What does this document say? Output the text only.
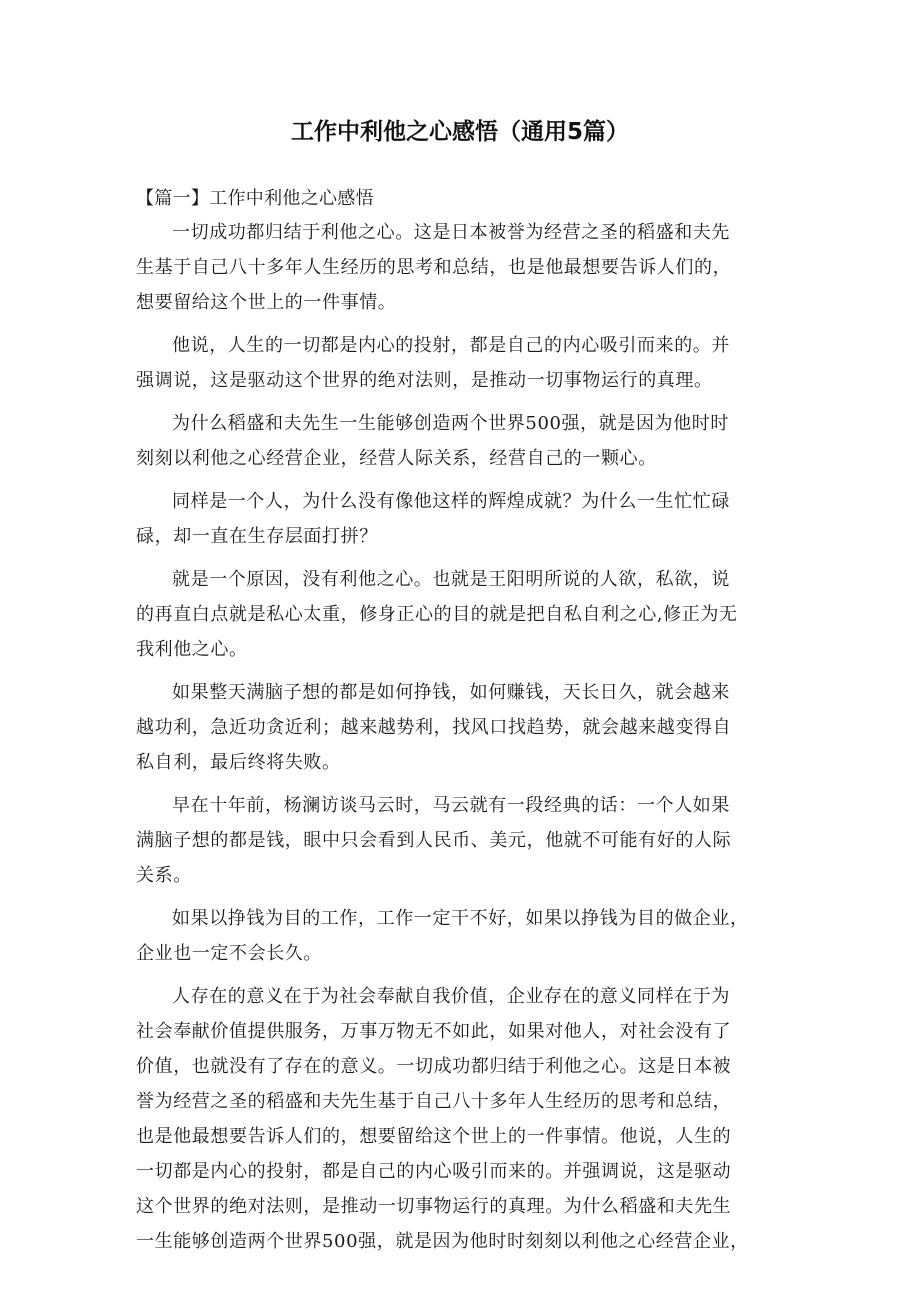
工作中利他之心感悟（通用5篇）
【篇一】工作中利他之心感悟

一切成功都归结于利他之心。这是日本被誉为经营之圣的稻盛和夫先
生基于自己八十多年人生经历的思考和总结，也是他最想要告诉人们的，
想要留给这个世上的一件事情。

他说，人生的一切都是内心的投射，都是自己的内心吸引而来的。并
强调说，这是驱动这个世界的绝对法则，是推动一切事物运行的真理。

为什么稻盛和夫先生一生能够创造两个世界500强，就是因为他时时
刻刻以利他之心经营企业，经营人际关系，经营自己的一颗心。

同样是一个人，为什么没有像他这样的辉煌成就？为什么一生忙忙碌
碌，却一直在生存层面打拼？

就是一个原因，没有利他之心。也就是王阳明所说的人欲，私欲，说
的再直白点就是私心太重，修身正心的目的就是把自私自利之心,修正为无
我利他之心。

如果整天满脑子想的都是如何挣钱，如何赚钱，天长日久，就会越来
越功利，急近功贪近利；越来越势利，找风口找趋势，就会越来越变得自
私自利，最后终将失败。

早在十年前，杨澜访谈马云时，马云就有一段经典的话：一个人如果
满脑子想的都是钱，眼中只会看到人民币、美元，他就不可能有好的人际
关系。

如果以挣钱为目的工作，工作一定干不好，如果以挣钱为目的做企业，
企业也一定不会长久。

人存在的意义在于为社会奉献自我价值，企业存在的意义同样在于为
社会奉献价值提供服务，万事万物无不如此，如果对他人，对社会没有了
价值，也就没有了存在的意义。一切成功都归结于利他之心。这是日本被
誉为经营之圣的稻盛和夫先生基于自己八十多年人生经历的思考和总结，
也是他最想要告诉人们的，想要留给这个世上的一件事情。他说，人生的
一切都是内心的投射，都是自己的内心吸引而来的。并强调说，这是驱动
这个世界的绝对法则，是推动一切事物运行的真理。为什么稻盛和夫先生
一生能够创造两个世界500强，就是因为他时时刻刻以利他之心经营企业，
